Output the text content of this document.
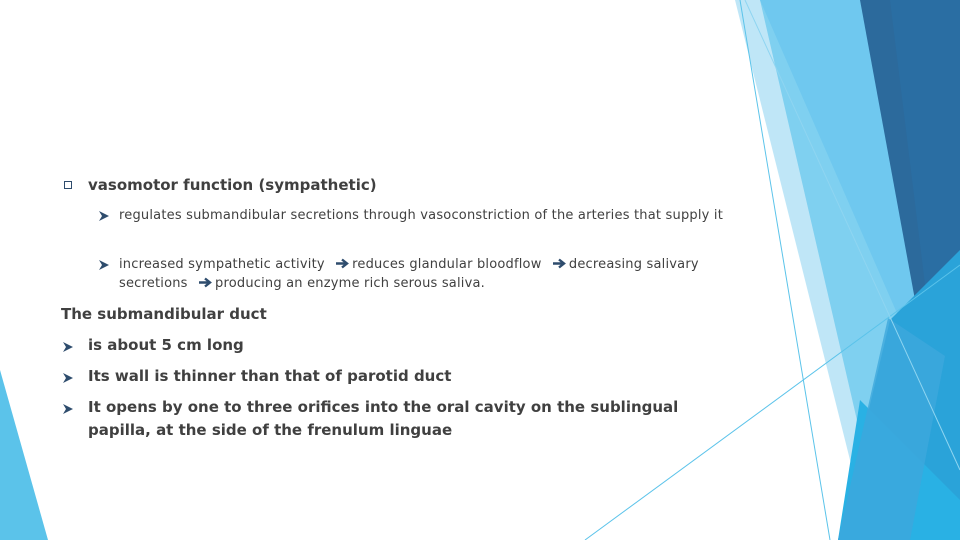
vasomotor function (sympathetic)
regulates submandibular secretions through vasoconstriction of the arteries that supply it
increased sympathetic activity reduces glandular bloodflow decreasing salivary secretions producing an enzyme rich serous saliva.
The submandibular duct
is about 5 cm long
Its wall is thinner than that of parotid duct
It opens by one to three orifices into the oral cavity on the sublingual papilla, at the side of the frenulum linguae
